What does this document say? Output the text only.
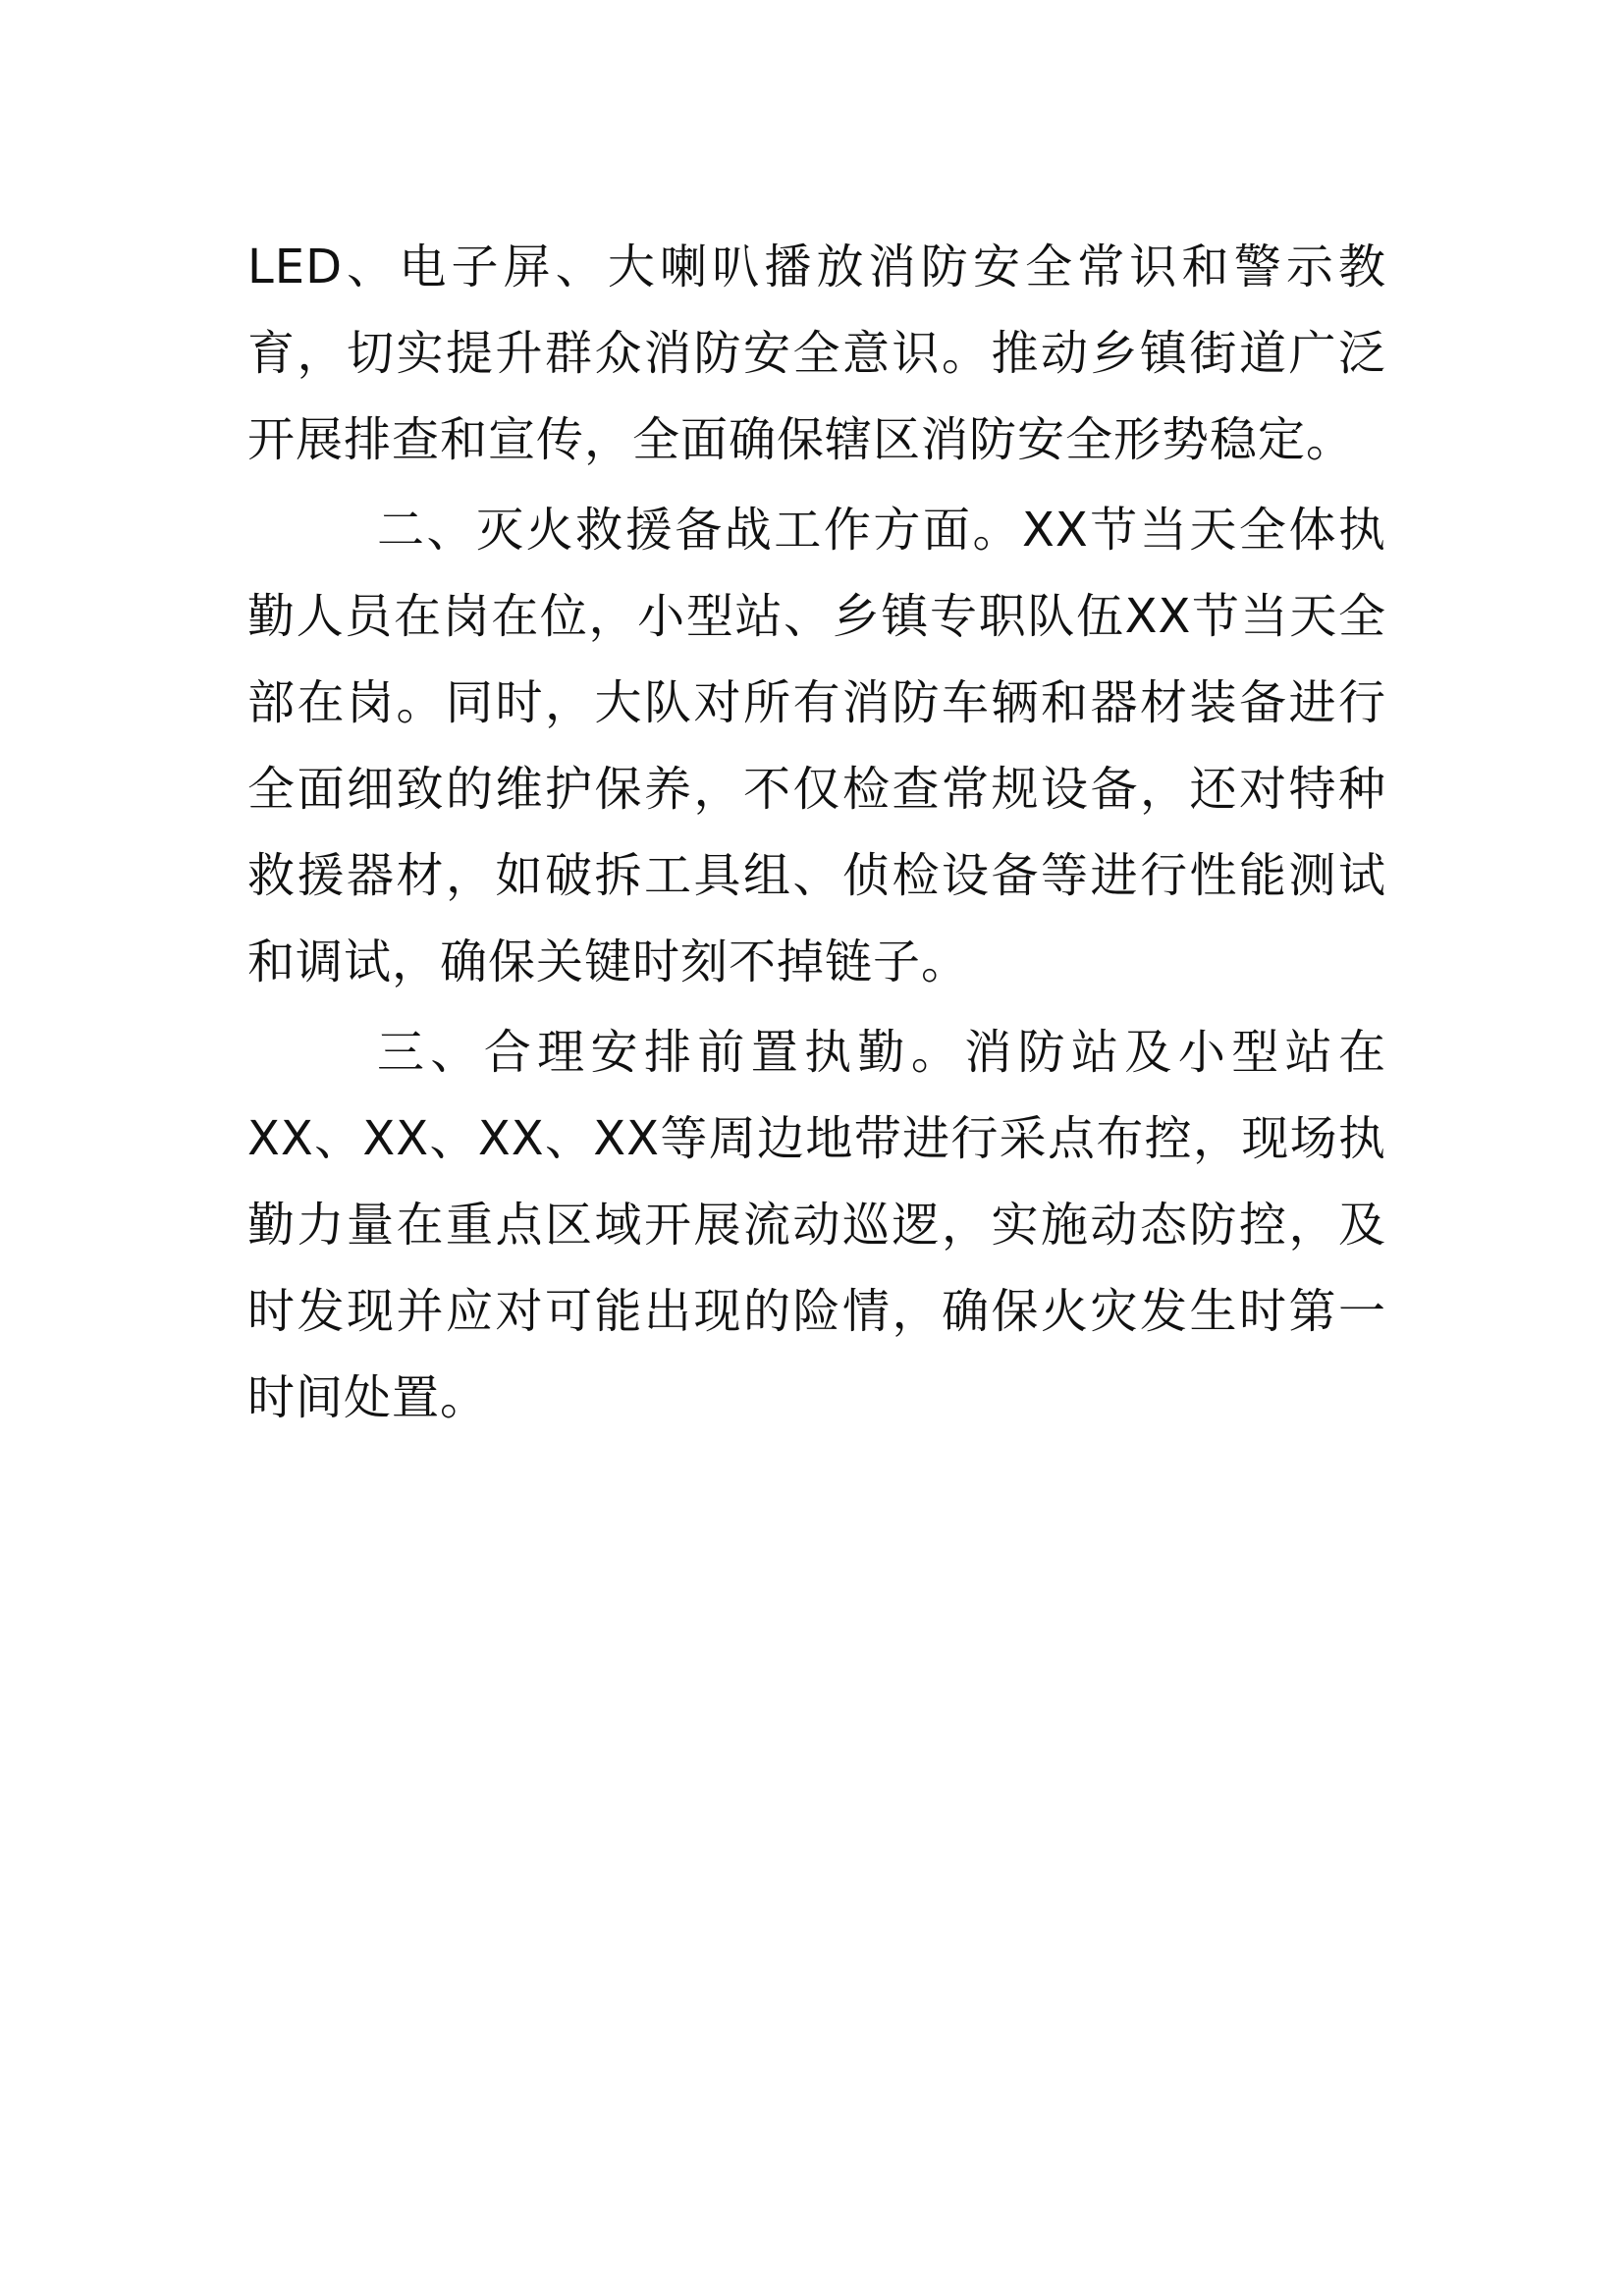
LED、电子屏、大喇叭播放消防安全常识和警示教育，切实提升群众消防安全意识。推动乡镇街道广泛开展排查和宣传，全面确保辖区消防安全形势稳定。

二、灭火救援备战工作方面。XX节当天全体执勤人员在岗在位，小型站、乡镇专职队伍XX节当天全部在岗。同时，大队对所有消防车辆和器材装备进行全面细致的维护保养，不仅检查常规设备，还对特种救援器材，如破拆工具组、侦检设备等进行性能测试和调试，确保关键时刻不掉链子。

三、合理安排前置执勤。消防站及小型站在XX、XX、XX、XX等周边地带进行采点布控，现场执勤力量在重点区域开展流动巡逻，实施动态防控，及时发现并应对可能出现的险情，确保火灾发生时第一时间处置。
